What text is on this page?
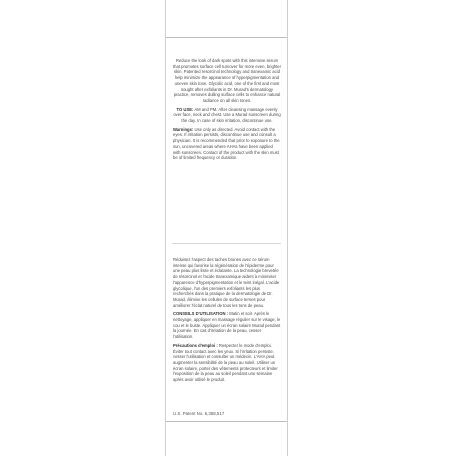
Reduce the look of dark spots with this intensive serum that promotes surface cell turnover for more even, brighter skin. Patented resorcinol technology and tranexamic acid help minimize the appearance of hyperpigmentation and uneven skin tone. Glycolic acid, one of the first and most sought after exfoliants in Dr. Murad's dermatology practice, removes dulling surface cells to enhance natural radiance on all skin tones.

TO USE: AM and PM. After cleansing massage evenly over face, neck and chest. Use a Murad sunscreen during the day. In case of skin irritation, discontinue use.

Warnings: Use only as directed. Avoid contact with the eyes. If irritation persists, discontinue use and consult a physician. It is recommended that prior to exposure to the sun, uncovered areas where AHAs have been applied with sunscreen. Contact of the product with the skin must be of limited frequency or duration.

Réduisez l'aspect des taches brunes avec ce sérum intense qui favorise la régénération de l'épiderme pour une peau plus lisse et éclatante. La technologie brevetée de résorcinol et l'acide tranexamique aident à minimiser l'apparence d'hyperpigmentation et le teint inégal. L'acide glycolique, l'un des premiers exfoliants les plus recherchés dans la pratique de la dermatologie de Dr. Murad, élimine les cellules de surface ternes pour améliorer l'éclat naturel de tous les tons de peau.

CONSEILS D'UTILISATION : Matin et soir. Après le nettoyage, appliquer en massage régulier sur le visage, le cou et le buste. Appliquer un écran solaire Murad pendant la journée. En cas d'irritation de la peau, cesser l'utilisation.

Précautions d'emploi : Respecter le mode d'emploi. Éviter tout contact avec les yeux. Si l'irritation persiste, cesser l'utilisation et consulter un médecin. L'AHA peut augmenter la sensibilité de la peau au soleil. Utiliser un écran solaire, porter des vêtements protecteurs et limiter l'exposition de la peau au soleil pendant une semaine après avoir utilisé le produit.

U.S. Patent No. 6,358,517
